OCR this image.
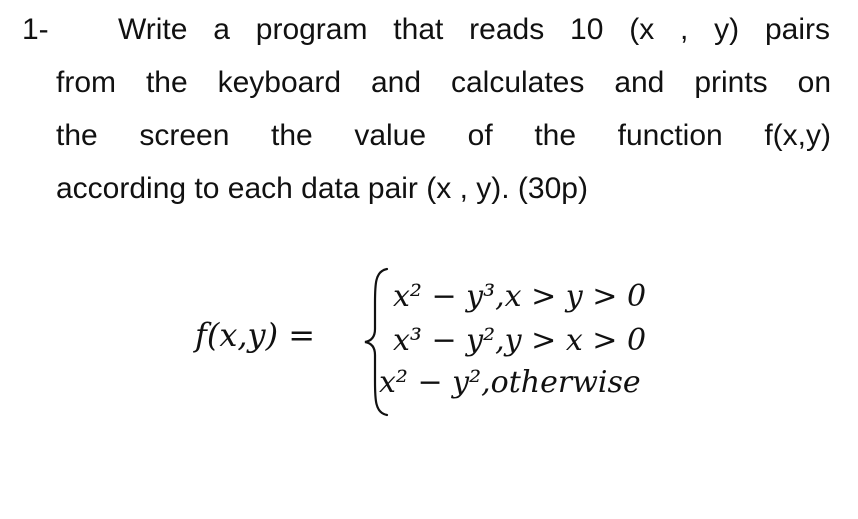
1- Write a program that reads 10 (x , y) pairs
from the keyboard and calculates and prints on
the screen the value of the function f(x,y)
according to each data pair (x , y). (30p)
f(x,y) =
x² − y³,x > y > 0
x³ − y²,y > x > 0
x² − y²,otherwise
